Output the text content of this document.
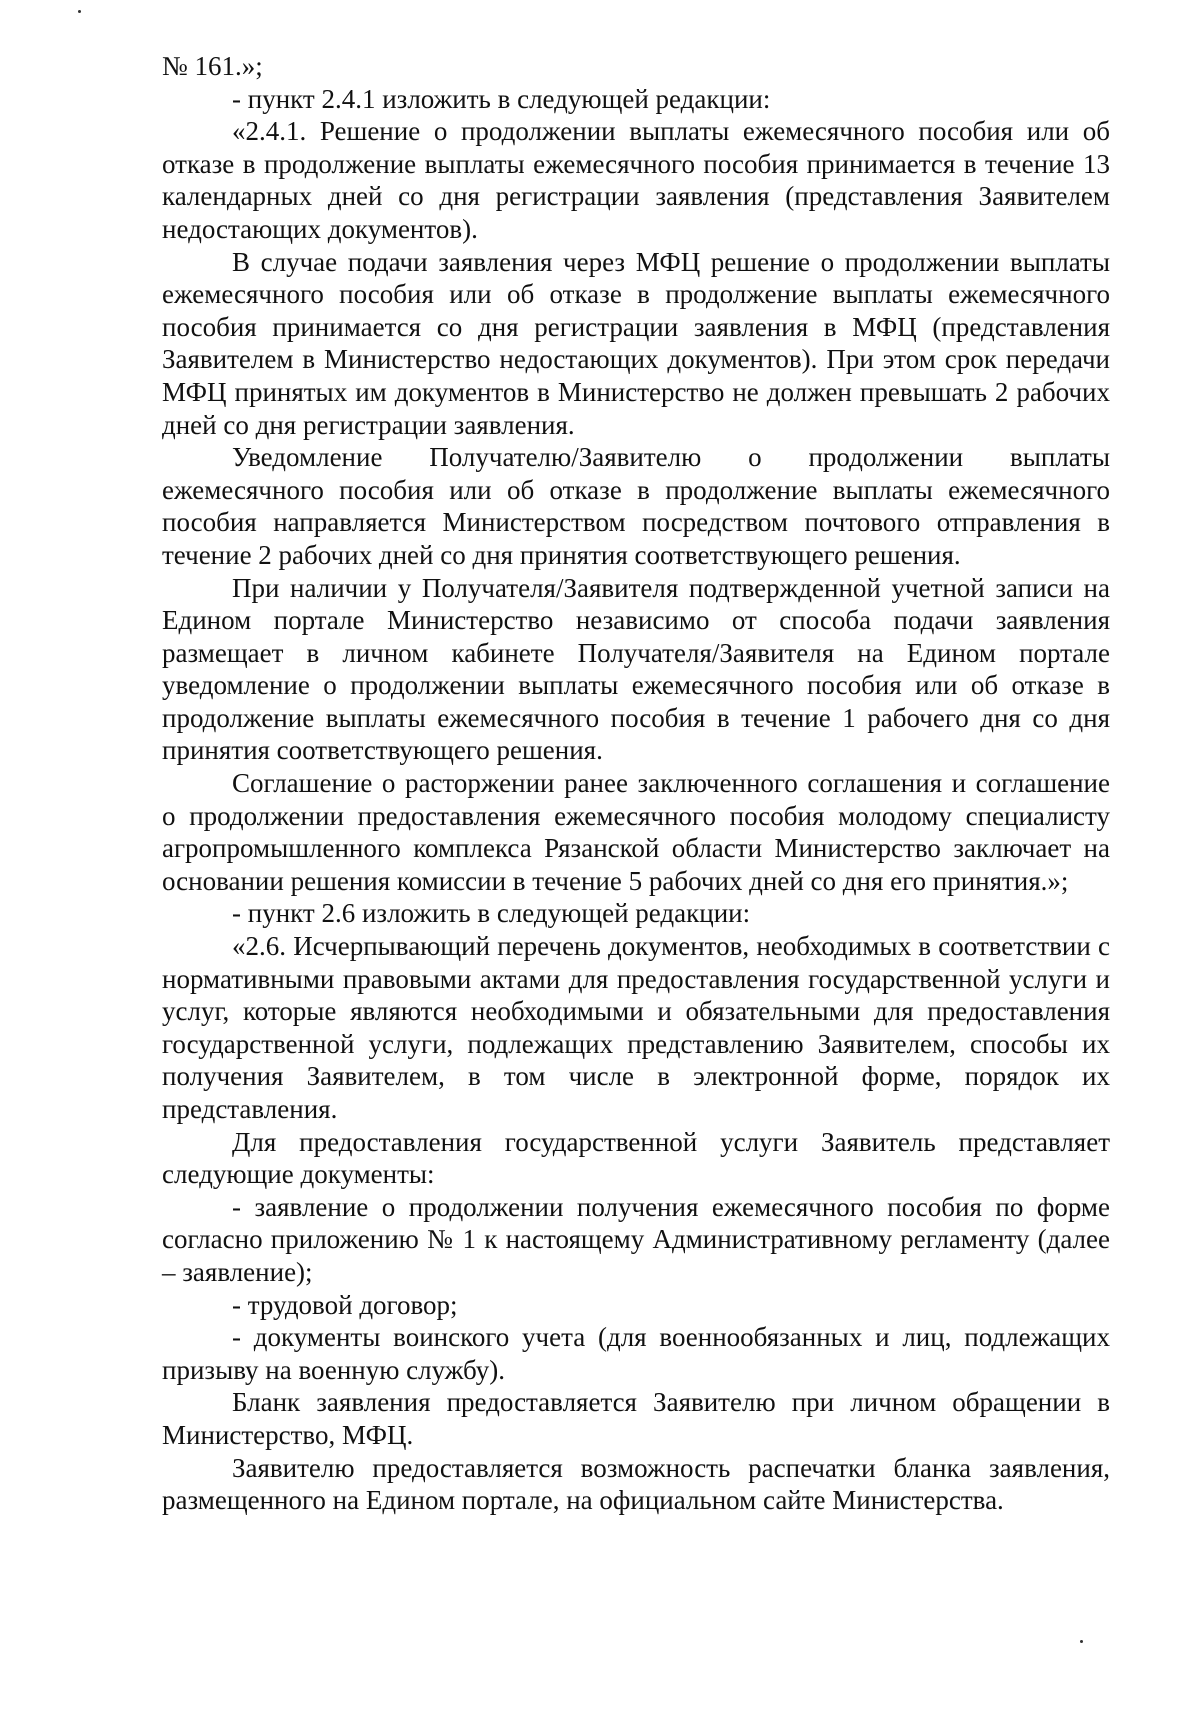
№ 161.»;

- пункт 2.4.1 изложить в следующей редакции:

«2.4.1. Решение о продолжении выплаты ежемесячного пособия или об отказе в продолжение выплаты ежемесячного пособия принимается в течение 13 календарных дней со дня регистрации заявления (представления Заявителем недостающих документов).

В случае подачи заявления через МФЦ решение о продолжении выплаты ежемесячного пособия или об отказе в продолжение выплаты ежемесячного пособия принимается со дня регистрации заявления в МФЦ (представления Заявителем в Министерство недостающих документов). При этом срок передачи МФЦ принятых им документов в Министерство не должен превышать 2 рабочих дней со дня регистрации заявления.

Уведомление Получателю/Заявителю о продолжении выплаты ежемесячного пособия или об отказе в продолжение выплаты ежемесячного пособия направляется Министерством посредством почтового отправления в течение 2 рабочих дней со дня принятия соответствующего решения.

При наличии у Получателя/Заявителя подтвержденной учетной записи на Едином портале Министерство независимо от способа подачи заявления размещает в личном кабинете Получателя/Заявителя на Едином портале уведомление о продолжении выплаты ежемесячного пособия или об отказе в продолжение выплаты ежемесячного пособия в течение 1 рабочего дня со дня принятия соответствующего решения.

Соглашение о расторжении ранее заключенного соглашения и соглашение о продолжении предоставления ежемесячного пособия молодому специалисту агропромышленного комплекса Рязанской области Министерство заключает на основании решения комиссии в течение 5 рабочих дней со дня его принятия.»;

- пункт 2.6 изложить в следующей редакции:

«2.6. Исчерпывающий перечень документов, необходимых в соответствии с нормативными правовыми актами для предоставления государственной услуги и услуг, которые являются необходимыми и обязательными для предоставления государственной услуги, подлежащих представлению Заявителем, способы их получения Заявителем, в том числе в электронной форме, порядок их представления.

Для предоставления государственной услуги Заявитель представляет следующие документы:

- заявление о продолжении получения ежемесячного пособия по форме согласно приложению № 1 к настоящему Административному регламенту (далее – заявление);

- трудовой договор;

- документы воинского учета (для военнообязанных и лиц, подлежащих призыву на военную службу).

Бланк заявления предоставляется Заявителю при личном обращении в Министерство, МФЦ.

Заявителю предоставляется возможность распечатки бланка заявления, размещенного на Едином портале, на официальном сайте Министерства.
